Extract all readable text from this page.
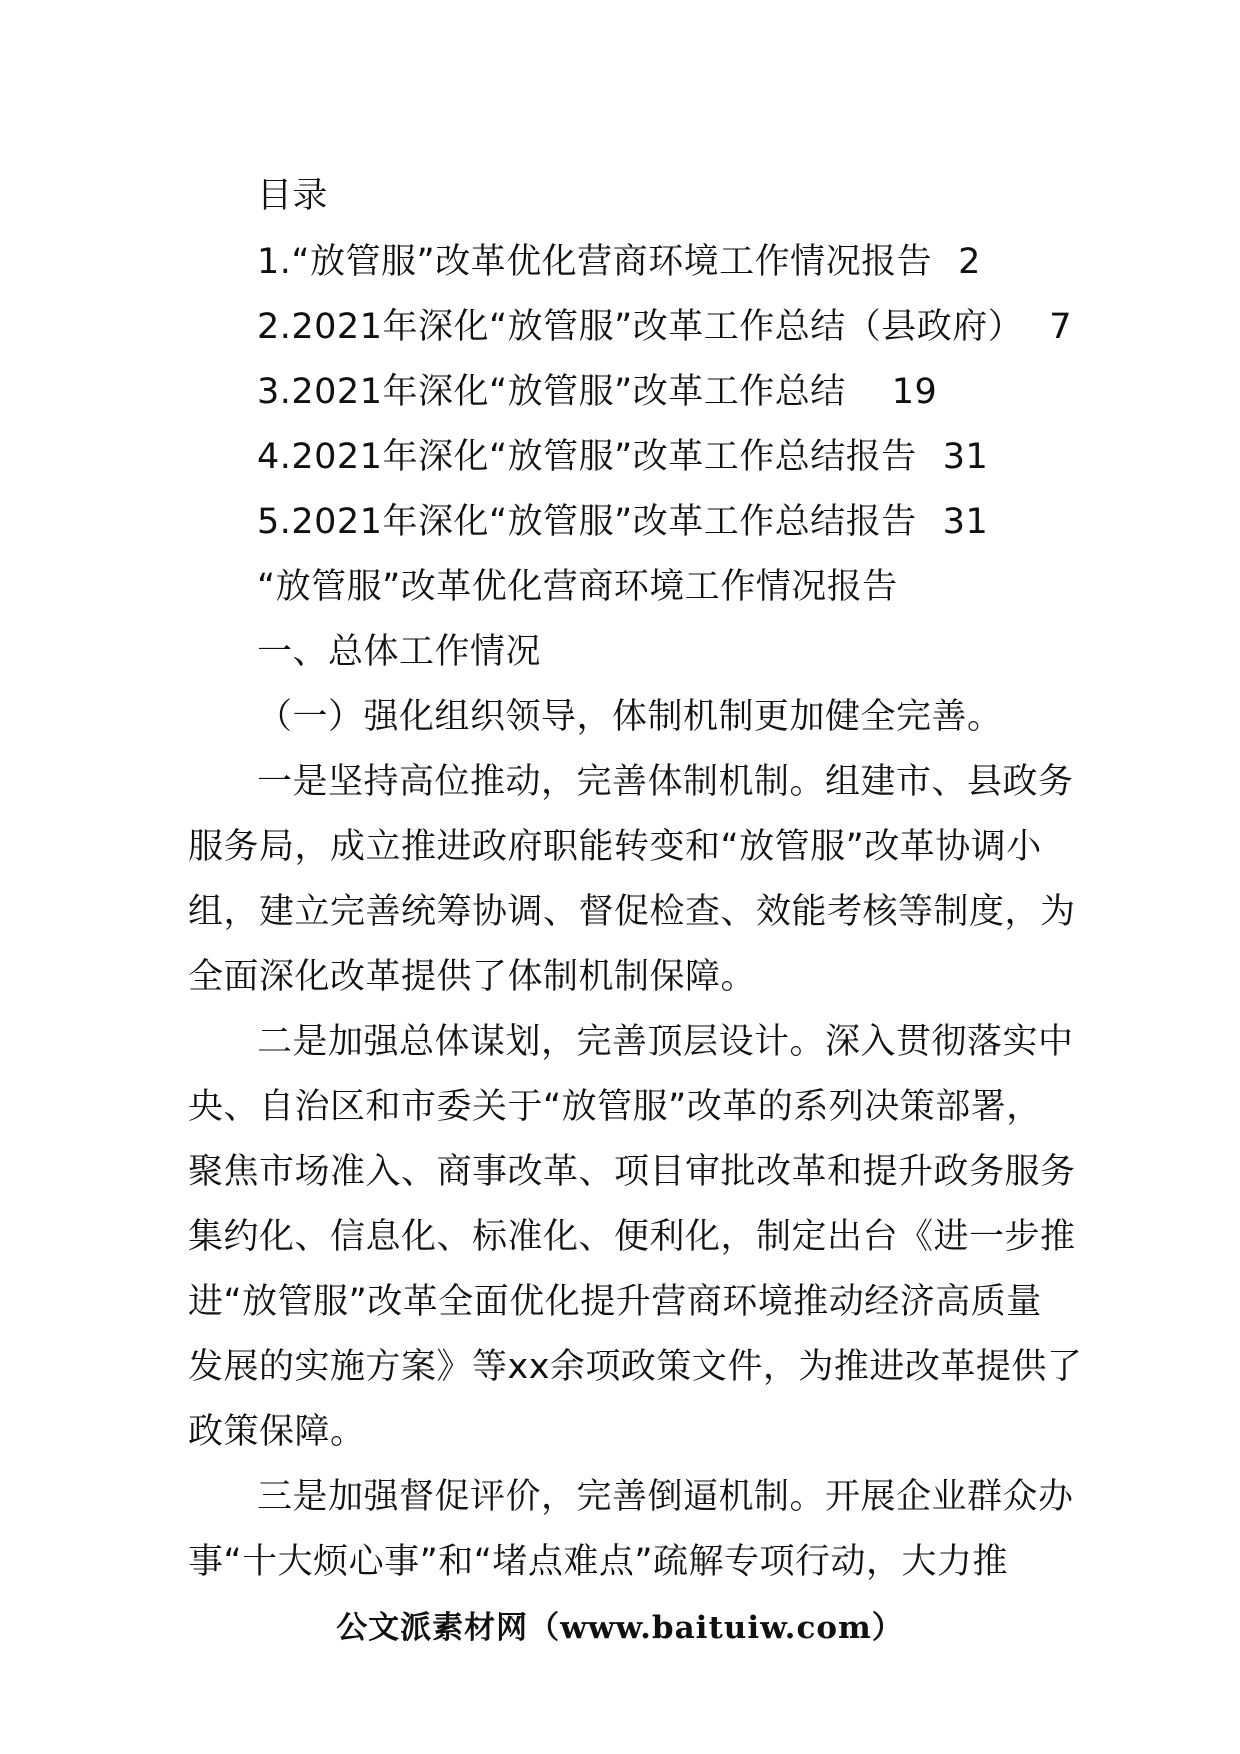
目录
1.“放管服”改革优化营商环境工作情况报告 2
2.2021年深化“放管服”改革工作总结（县政府） 7
3.2021年深化“放管服”改革工作总结 19
4.2021年深化“放管服”改革工作总结报告 31
5.2021年深化“放管服”改革工作总结报告 31
“放管服”改革优化营商环境工作情况报告
一、总体工作情况
（一）强化组织领导，体制机制更加健全完善。
一是坚持高位推动，完善体制机制。组建市、县政务
服务局，成立推进政府职能转变和“放管服”改革协调小
组，建立完善统筹协调、督促检查、效能考核等制度，为
全面深化改革提供了体制机制保障。
二是加强总体谋划，完善顶层设计。深入贯彻落实中
央、自治区和市委关于“放管服”改革的系列决策部署，
聚焦市场准入、商事改革、项目审批改革和提升政务服务
集约化、信息化、标准化、便利化，制定出台《进一步推
进“放管服”改革全面优化提升营商环境推动经济高质量
发展的实施方案》等xx余项政策文件，为推进改革提供了
政策保障。
三是加强督促评价，完善倒逼机制。开展企业群众办
事“十大烦心事”和“堵点难点”疏解专项行动，大力推
公文派素材网（www.baituiw.com）
